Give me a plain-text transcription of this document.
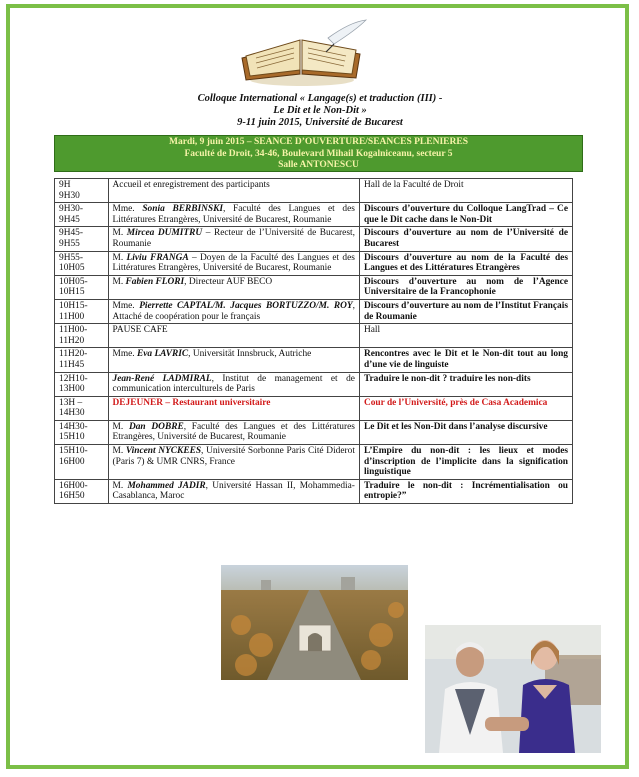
Colloque International « Langage(s) et traduction (III) -
Le Dit et le Non-Dit »
9-11 juin 2015, Université de Bucarest
Mardi, 9 juin 2015 – SEANCE D’OUVERTURE/SEANCES PLENIERES
Faculté de Droit, 34-46, Boulevard Mihail Kogalniceanu, secteur 5
Salle ANTONESCU
9H
9H30	Accueil et enregistrement des participants	Hall de la Faculté de Droit
9H30-
9H45	Mme. Sonia BERBINSKI, Faculté des Langues et des Littératures Etrangères, Université de Bucarest, Roumanie	Discours d’ouverture du Colloque LangTrad – Ce que le Dit cache dans le Non-Dit
9H45-
9H55	M. Mircea DUMITRU – Recteur de l’Université de Bucarest, Roumanie	Discours d’ouverture au nom de l’Université de Bucarest
9H55-
10H05	M. Liviu FRANGA – Doyen de la Faculté des Langues et des Littératures Etrangères, Université de Bucarest, Roumanie	Discours d’ouverture au nom de la Faculté des Langues et des Littératures Etrangères
10H05-
10H15	M. Fabien FLORI, Directeur AUF BECO	Discours d’ouverture au nom de l’Agence Universitaire de la Francophonie
10H15-
11H00	Mme. Pierrette CAPTAL/M. Jacques BORTUZZO/M. ROY, Attaché de coopération pour le français	Discours d’ouverture au nom de l’Institut Français de Roumanie
11H00-
11H20	PAUSE CAFE	Hall
11H20-
11H45	Mme. Eva LAVRIC, Universität Innsbruck, Autriche	Rencontres avec le Dit et le Non-dit tout au long d’une vie de linguiste
12H10-
13H00	Jean-René LADMIRAL, Institut de management et de communication interculturels de Paris	Traduire le non-dit ? traduire les non-dits
13H –
14H30	DEJEUNER – Restaurant universitaire	Cour de l’Université, près de Casa Academica
14H30-
15H10	M. Dan DOBRE, Faculté des Langues et des Littératures Etrangères, Université de Bucarest, Roumanie	Le Dit et les Non-Dit dans l’analyse discursive
15H10-
16H00	M. Vincent NYCKEES, Université Sorbonne Paris Cité Diderot (Paris 7) & UMR CNRS, France	L’Empire du non-dit : les lieux et modes d’inscription de l’implicite dans la signification linguistique
16H00-
16H50	M. Mohammed JADIR, Université Hassan II, Mohammedia-Casablanca, Maroc	Traduire le non-dit : Incrémentialisation ou entropie?”
